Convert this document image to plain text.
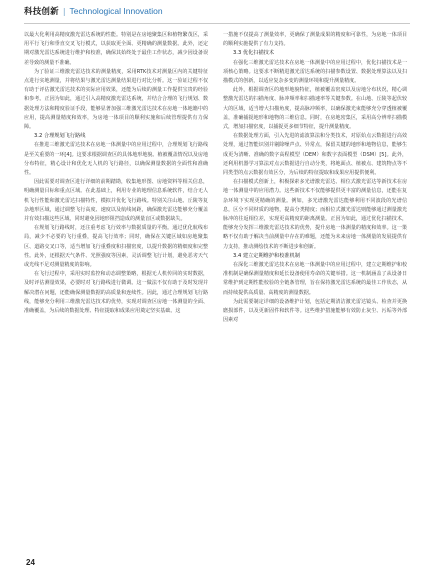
科技创新 | Technological Innovation

以最大化利用高精度激光雷达系统的性能。特别是在房地聚集区和植物繁茂区，采用平行飞行和垂直交叉飞行模式，以获取更全面、更精确的测量数据。此外，还定期对激光雷达系统进行维护和校准，确保其始终处于最佳工作状态，减少因设备误差导致的测量不准确。

为了验证三维激光雷达技术的测量精度，采用RTK技术对测量区内的关键特征点进行实地测量，并将结果与激光雷达测量结果进行对比分析。这一验证过程不仅有助于评估激光雷达技术的实际应用效果，还能为后续的测量工作提供宝贵的经验和参考。正因为如此，通过引入高精度激光雷达系统，并结合合理的飞行规划、数据处理方法和精度验证手段，能够显著加强三维激光雷达技术在房地一体地籍中的应用，提高测量精度和效率，为房地一体项目的顺利实施和后续管理提供有力保障。

3.2 合理规划飞行路线

在推进三维激光雷达技术在房地一体测量中的应用过程中，合理规划飞行路线是至关重要的一环[4]。这要求根据调查区的具体地形地貌、植被覆盖情况以及房地分布特征，精心设计和优化无人机的飞行路径，以确保测量数据的全面性和准确性。

因此需要对调查区进行详细的前期踏勘，收集地形图、房地资料等相关信息，明确测量目标和重点区域。在此基础上，利用专业的地理信息系统软件，结合无人机飞行性能和激光雷达扫描特性，模拟并优化飞行路线。特别关注山地、丘陵等复杂地形区域，通过调整飞行高度、速度以及航线间距，确保激光雷达能够充分覆盖并有效扫描这些区域，同时避免因地形阻挡造成的测量盲区或数据缺失。

在规划飞行路线时，还注重考虑飞行效率与数据质量的平衡。通过优化航线布局，减少不必要的飞行重叠，提高飞行效率；同时，确保在关键区域如房地聚集区、道路交叉口等，适当增加飞行重叠度和扫描密度，以提升数据的精细度和完整性。此外，还根据天气条件、光照强度等因素，灵活调整飞行计划，避免恶劣天气或光线不足对测量精度的影响。

在飞行过程中，采用实时监控和动态调整策略，根据无人机传回的实时数据，及时评估测量效果，必要时对飞行路线进行微调。这一做法不仅有助于及时发现并解决潜在问题，还能确保测量数据的高质量和连续性。因此，通过合理规划飞行路线，能够充分利用三维激光雷达技术的优势，实现对调查区房地一体测量的全面、准确覆盖，为后续的数据处理、特征提取和成果应用奠定坚实基础。这

一措施不仅提高了测量效率，更确保了测量成果的精度和可靠性，为房地一体项目的顺利实施提供了有力支持。

3.3 优化扫描技术

在强化三维激光雷达技术在房地一体测量中的应用过程中，优化扫描技术是一项核心策略。这要求不断精进激光雷达系统的扫描参数设置、数据处理算法以及扫描模式的创新，以适应复杂多变的测量环境和提升测量精度。

此外，根据调查区的地形地貌特征，植被覆盖密度以及房地分布状况，精心调整激光雷达的扫描角度、脉冲频率和扫描速率等关键参数。在山地、丘陵等起伏较大的区域，适当增大扫描角度，提高脉冲频率，以确保激光束能够充分穿透植被覆盖，准确捕捉地形和地物的三维信息。同时，在房地密集区，采用高分辨率扫描模式，增加扫描密度，以捕捉更多细节特征，提升测量精度。

在数据处理方面，引入先进的滤波算法和分类技术，对原始点云数据进行高效处理，通过智能识别并剔除噪声点、异常点，保留关键的地形和地物信息，能够生成更为清晰、准确的数字高程模型（DEM）和数字表面模型（DSM）[5]。此外，还利用机器学习算法对点云数据进行自动分类，将地面点、植被点、建筑物点等不同类型的点云数据有效区分，为后续的特征提取和成果应用提供便利。

在扫描模式创新上，积极探索多光谱激光雷达、相位式激光雷达等新技术在房地一体测量中的应用潜力。这些新技术不仅能够提供更丰富的测量信息，还能在复杂环境下实现更精确的测量。例如，多光谱激光雷达能够利用不同波段的光谱信息，区分不同材质的地物，提高分类精度；而相位式激光雷达则能够通过测量激光脉冲的往返相位差，实现更高精度的距离测量。正因为如此，通过优化扫描技术，能够充分发挥三维激光雷达技术的优势，提升房地一体测量的精度和效率。这一策略不仅有助于解决当前测量中存在的难题，还能为未来房地一体测量的发展提供有力支持，推动测绘技术的不断进步和创新。

3.4 建立定期维护和校准机制

在深化三维激光雷达技术在房地一体测量中的应用过程中，建立定期维护和校准机制是确保测量精度和延长设备使用寿命的关键举措。这一机制涵盖了从设备日常维护到定期性能校验的全链条管理，旨在保持激光雷达系统的最佳工作状态，从而持续提供高质量、高精度的测量数据。

为此需要制定详细的设备维护计划，包括定期清洁激光雷达镜头、检查并更换磨损部件，以及更新固件和软件等。这些维护措施能够有效防止灰尘、污垢等外部因素对

24
